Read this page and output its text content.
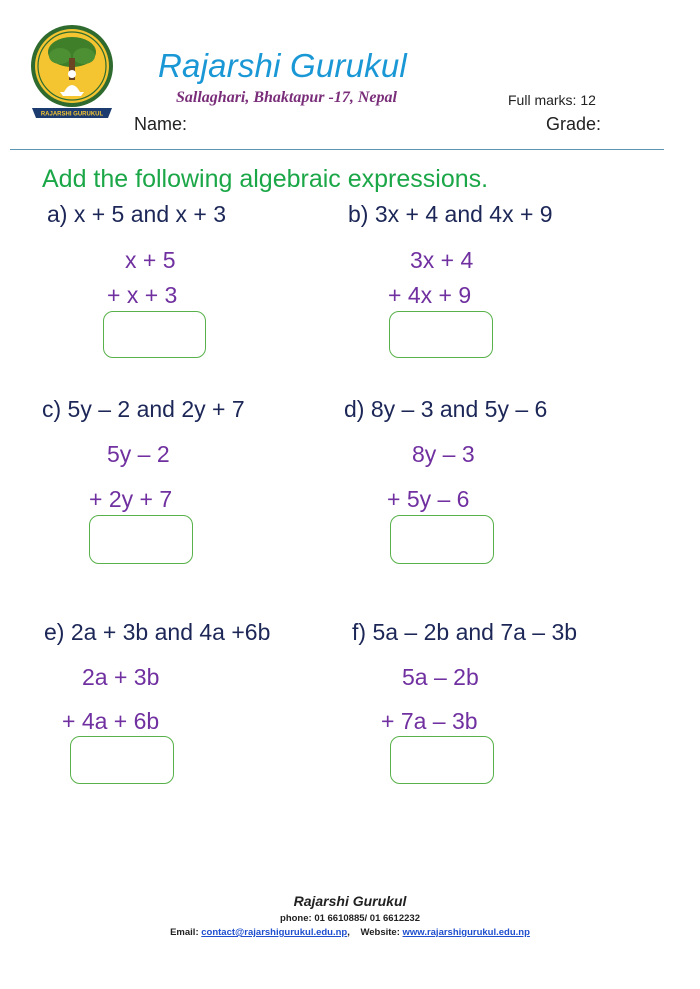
RAJARSHI GURUKUL
Rajarshi Gurukul
Sallaghari, Bhaktapur -17, Nepal	Full marks: 12
Name:	Grade:
Add the following algebraic expressions.
a) x + 5 and x + 3
x + 5
+ x + 3
b) 3x + 4 and 4x + 9
3x + 4
+ 4x + 9
c) 5y – 2 and 2y + 7
5y – 2
+ 2y + 7
d) 8y – 3 and 5y – 6
8y – 3
+ 5y – 6
e) 2a + 3b and 4a +6b
2a + 3b
+ 4a + 6b
f) 5a – 2b and 7a – 3b
5a – 2b
+ 7a – 3b
Rajarshi Gurukul
phone: 01 6610885/ 01 6612232
Email: contact@rajarshigurukul.edu.np,    Website: www.rajarshigurukul.edu.np
